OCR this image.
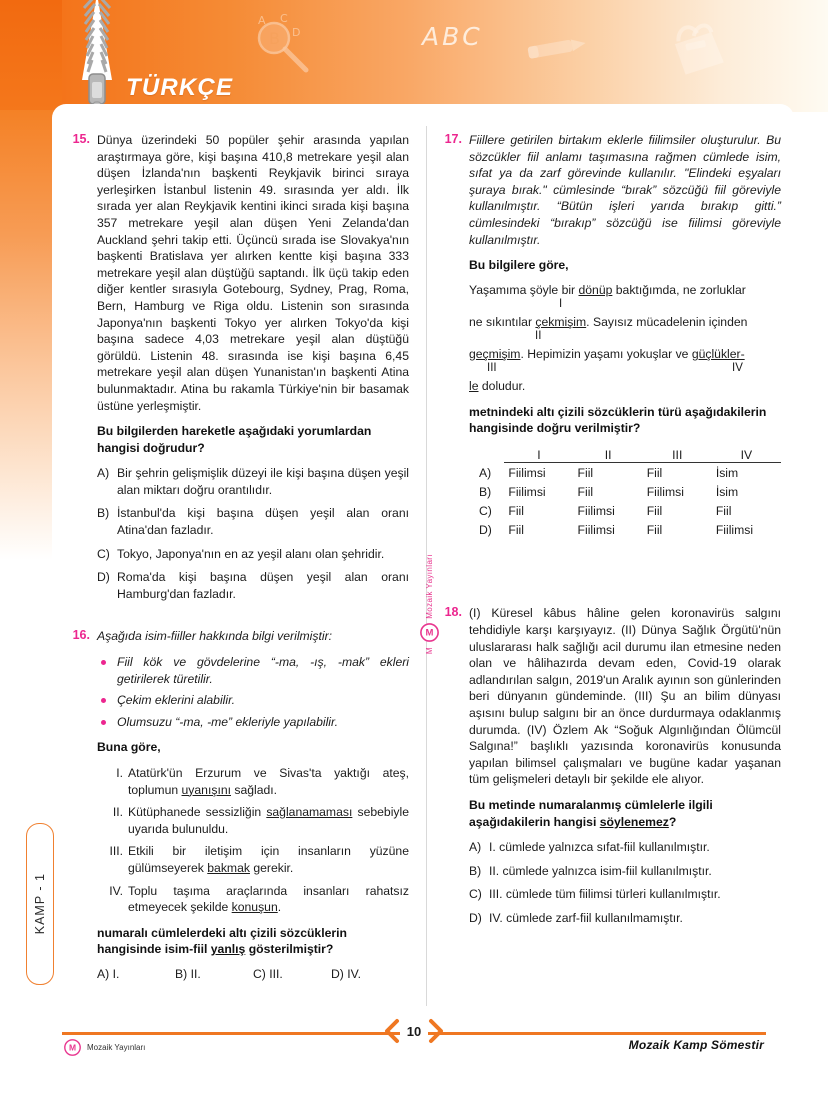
B
A C
D	ABC
TÜRKÇE
Mozaik Yayınları
M
M
15. Dünya üzerindeki 50 popüler şehir arasında yapılan araştırmaya göre, kişi başına 410,8 metrekare yeşil alan düşen İzlanda'nın başkenti Reykjavik birinci sıraya yerleşirken İstanbul listenin 49. sırasında yer aldı. İlk sırada yer alan Reykjavik kentini ikinci sırada kişi başına 357 metrekare yeşil alan düşen Yeni Zelanda'dan Auckland şehri takip etti. Üçüncü sırada ise Slovakya'nın başkenti Bratislava yer alırken kentte kişi başına 333 metrekare yeşil alan düştüğü saptandı. İlk üçü takip eden diğer kentler sırasıyla Gotebourg, Sydney, Prag, Roma, Bern, Hamburg ve Riga oldu. Listenin son sırasında Japonya'nın başkenti Tokyo yer alırken Tokyo'da kişi başına sadece 4,03 metrekare yeşil alan düştüğü görüldü. Listenin 48. sırasında ise kişi başına 6,45 metrekare yeşil alan düşen Yunanistan'ın başkenti Atina bulunmaktadır. Atina bu rakamla Türkiye'nin bir basamak üstüne yerleşmiştir.

Bu bilgilerden hareketle aşağıdaki yorumlardan hangisi doğrudur?

A) Bir şehrin gelişmişlik düzeyi ile kişi başına düşen yeşil alan miktarı doğru orantılıdır.
B) İstanbul'da kişi başına düşen yeşil alan oranı Atina'dan fazladır.
C) Tokyo, Japonya'nın en az yeşil alanı olan şehridir.
D) Roma'da kişi başına düşen yeşil alan oranı Hamburg'dan fazladır.
16. Aşağıda isim-fiiller hakkında bilgi verilmiştir:

Fiil kök ve gövdelerine “-ma, -ış, -mak” ekleri getirilerek türetilir.
Çekim eklerini alabilir.
Olumsuzu “-ma, -me” ekleriyle yapılabilir.

Buna göre,

I. Atatürk'ün Erzurum ve Sivas'ta yaktığı ateş, toplumun uyanışını sağladı.
II. Kütüphanede sessizliğin sağlanamaması sebebiyle uyarıda bulunuldu.
III. Etkili bir iletişim için insanların yüzüne gülümseyerek bakmak gerekir.
IV. Toplu taşıma araçlarında insanları rahatsız etmeyecek şekilde konuşun.

numaralı cümlelerdeki altı çizili sözcüklerin hangisinde isim-fiil yanlış gösterilmiştir?

A) I.	B) II.	C) III.	D) IV.
17. Fiillere getirilen birtakım eklerle fiilimsiler oluşturulur. Bu sözcükler fiil anlamı taşımasına rağmen cümlede isim, sıfat ya da zarf görevinde kullanılır. "Elindeki eşyaları şuraya bırak." cümlesinde “bırak” sözcüğü fiil göreviyle kullanılmıştır. “Bütün işleri yarıda bırakıp gitti.” cümlesindeki “bırakıp” sözcüğü ise fiilimsi göreviyle kullanılmıştır.

Bu bilgilere göre,

Yaşamıma şöyle bir dönüp baktığımda, ne zorluklar

I

ne sıkıntılar çekmişim. Sayısız mücadelenin içinden

II

geçmişim. Hepimizin yaşamı yokuşlar ve güçlükler-

III	IV

le doludur.

metnindeki altı çizili sözcüklerin türü aşağıdakilerin hangisinde doğru verilmiştir?

	I	II	III	IV
A)	Fiilimsi	Fiil	Fiil	İsim
B)	Fiilimsi	Fiil	Fiilimsi	İsim
C)	Fiil	Fiilimsi	Fiil	Fiil
D)	Fiil	Fiilimsi	Fiil	Fiilimsi
18. (I) Küresel kâbus hâline gelen koronavirüs salgını tehdidiyle karşı karşıyayız. (II) Dünya Sağlık Örgütü'nün uluslararası halk sağlığı acil durumu ilan etmesine neden olan ve hâlihazırda devam eden, Covid-19 olarak adlandırılan salgın, 2019'un Aralık ayının son günlerinden beri dünyanın gündeminde. (III) Şu an bilim dünyası aşısını bulup salgını bir an önce durdurmaya odaklanmış durumda. (IV) Özlem Ak “Soğuk Algınlığından Ölümcül Salgına!” başlıklı yazısında koronavirüs konusunda yapılan bilimsel çalışmaları ve bugüne kadar yaşanan tüm gelişmeleri detaylı bir şekilde ele alıyor.

Bu metinde numaralanmış cümlelerle ilgili aşağıdakilerin hangisi söylenemez?

A) I. cümlede yalnızca sıfat-fiil kullanılmıştır.
B) II. cümlede yalnızca isim-fiil kullanılmıştır.
C) III. cümlede tüm fiilimsi türleri kullanılmıştır.
D) IV. cümlede zarf-fiil kullanılmamıştır.
KAMP - 1
10
M Mozaik Yayınları	Mozaik Kamp Sömestir
